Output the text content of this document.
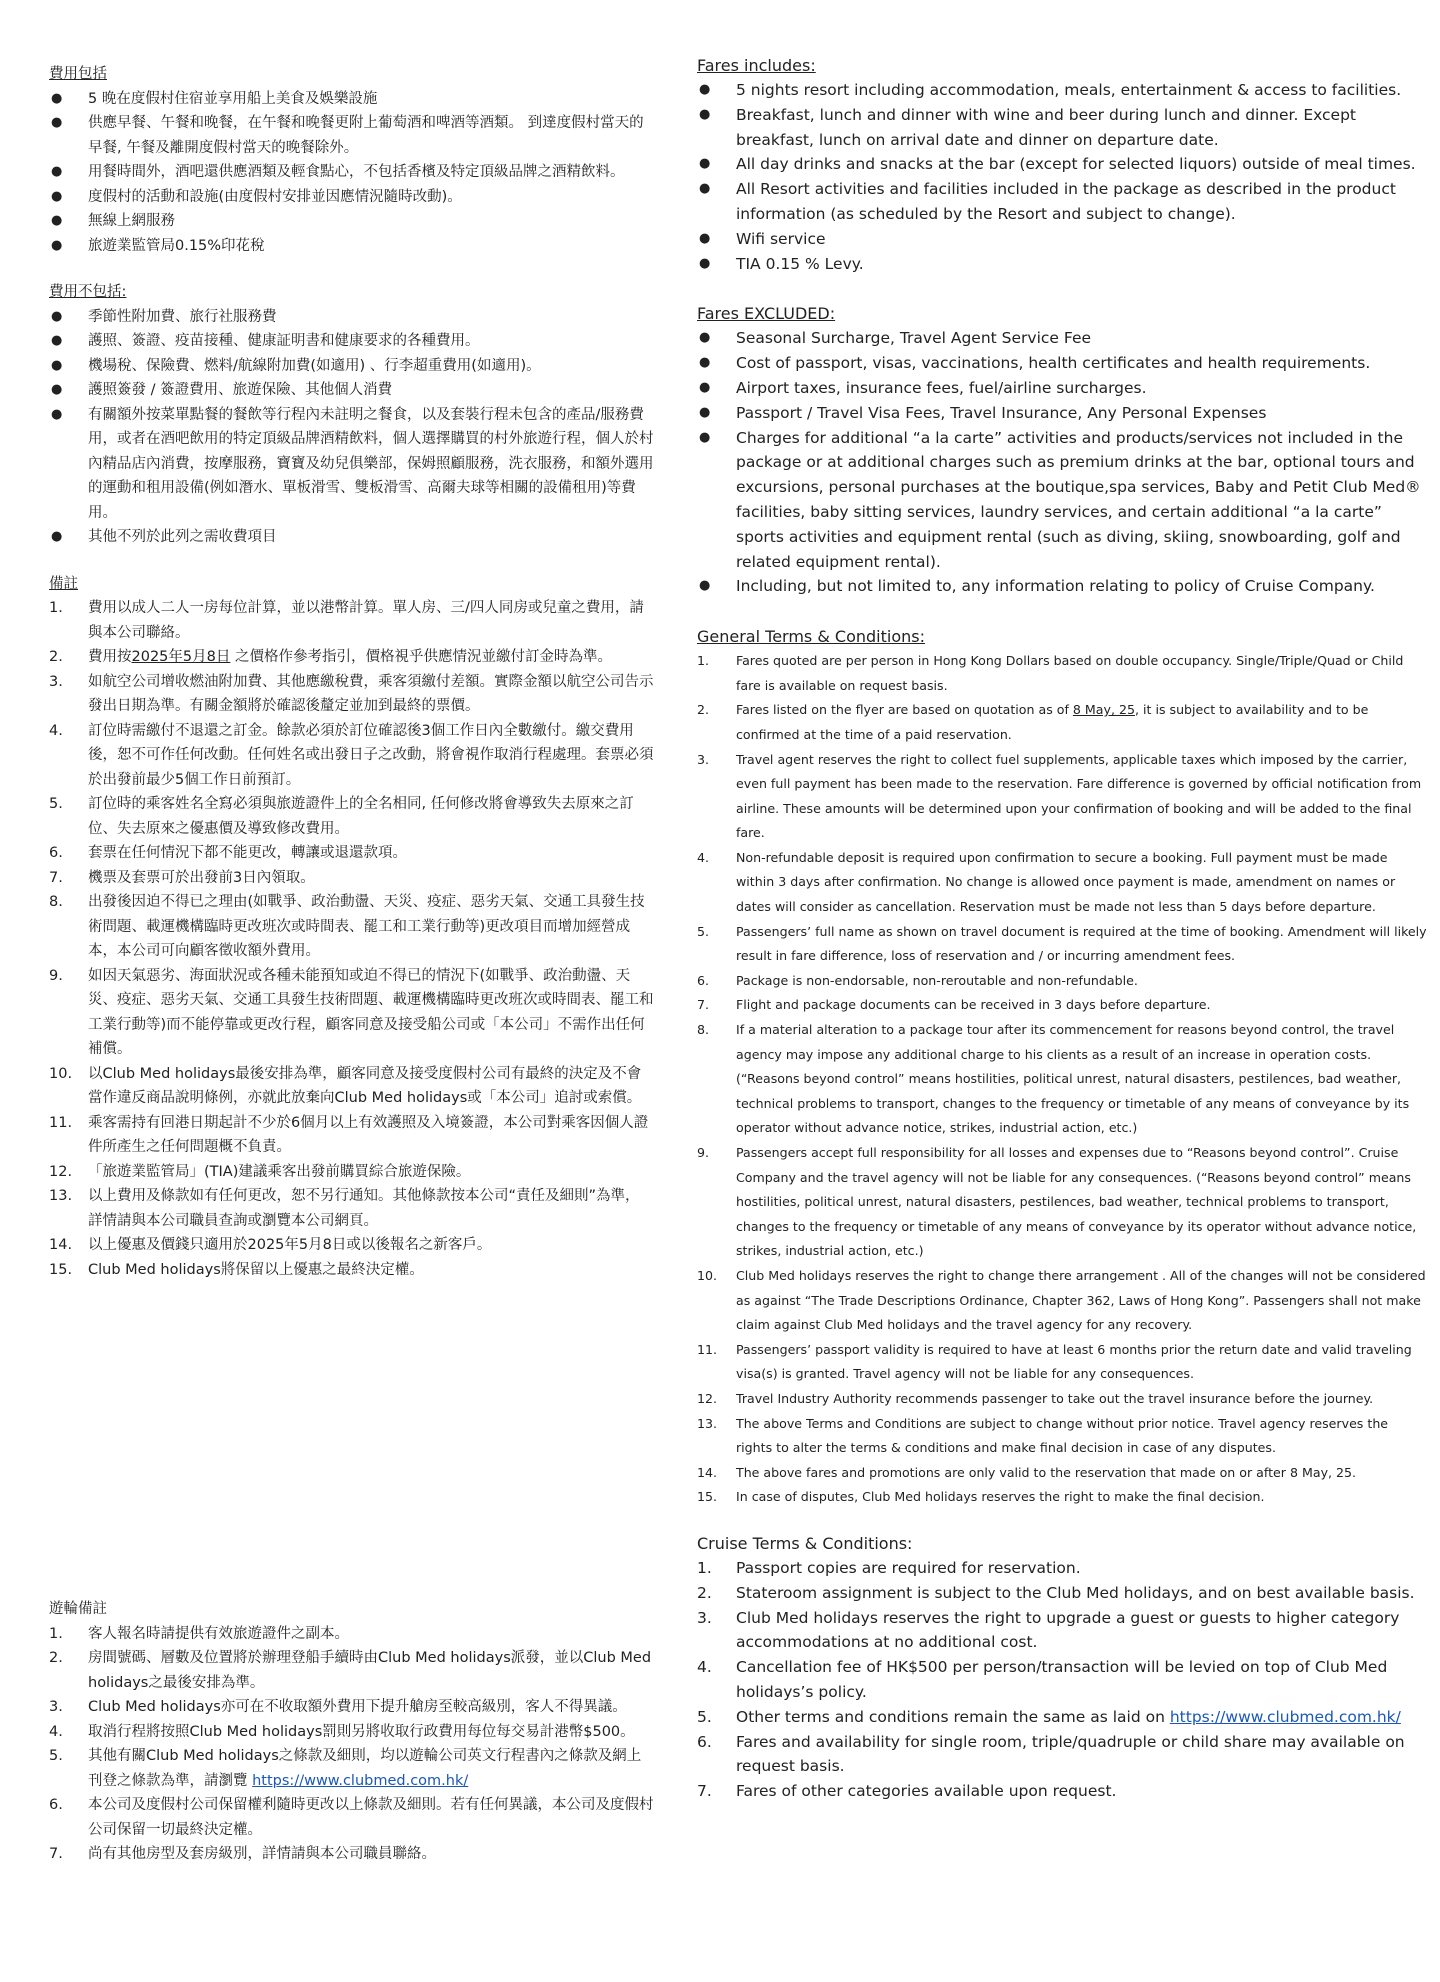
費用包括

● 5 晚在度假村住宿並享用船上美食及娛樂設施
● 供應早餐、午餐和晚餐，在午餐和晚餐更附上葡萄酒和啤酒等酒類。 到達度假村當天的早餐, 午餐及離開度假村當天的晚餐除外。
● 用餐時間外，酒吧還供應酒類及輕食點心，不包括香檳及特定頂級品牌之酒精飲料。
● 度假村的活動和設施(由度假村安排並因應情況隨時改動)。
● 無線上網服務
● 旅遊業監管局0.15%印花稅

費用不包括:

● 季節性附加費、旅行社服務費
● 護照、簽證、疫苗接種、健康証明書和健康要求的各種費用。
● 機場稅、保險費、燃料/航線附加費(如適用) 、行李超重費用(如適用)。
● 護照簽發 / 簽證費用、旅遊保險、其他個人消費
● 有關額外按菜單點餐的餐飲等行程內未註明之餐食，以及套裝行程未包含的產品/服務費用，或者在酒吧飲用的特定頂級品牌酒精飲料，個人選擇購買的村外旅遊行程，個人於村內精品店內消費，按摩服務，寶寶及幼兒俱樂部，保姆照顧服務，洗衣服務，和額外選用的運動和租用設備(例如潛水、單板滑雪、雙板滑雪、高爾夫球等相關的設備租用)等費用。
● 其他不列於此列之需收費項目

備註

1. 費用以成人二人一房每位計算，並以港幣計算。單人房、三/四人同房或兒童之費用，請與本公司聯絡。
2. 費用按2025年5月8日 之價格作參考指引，價格視乎供應情況並繳付訂金時為準。
3. 如航空公司增收燃油附加費、其他應繳稅費，乘客須繳付差額。實際金額以航空公司告示發出日期為準。有關金額將於確認後釐定並加到最終的票價。
4. 訂位時需繳付不退還之訂金。餘款必須於訂位確認後3個工作日內全數繳付。繳交費用後，恕不可作任何改動。任何姓名或出發日子之改動，將會視作取消行程處理。套票必須於出發前最少5個工作日前預訂。
5. 訂位時的乘客姓名全寫必須與旅遊證件上的全名相同, 任何修改將會導致失去原來之訂位、失去原來之優惠價及導致修改費用。
6. 套票在任何情況下都不能更改，轉讓或退還款項。
7. 機票及套票可於出發前3日內領取。
8. 出發後因迫不得已之理由(如戰爭、政治動盪、天災、疫症、惡劣天氣、交通工具發生技術問題、載運機構臨時更改班次或時間表、罷工和工業行動等)更改項目而增加經營成本，本公司可向顧客徵收額外費用。
9. 如因天氣惡劣、海面狀況或各種未能預知或迫不得已的情況下(如戰爭、政治動盪、天災、疫症、惡劣天氣、交通工具發生技術問題、載運機構臨時更改班次或時間表、罷工和工業行動等)而不能停靠或更改行程，顧客同意及接受船公司或「本公司」不需作出任何補償。
10. 以Club Med holidays最後安排為準，顧客同意及接受度假村公司有最終的決定及不會當作違反商品說明條例，亦就此放棄向Club Med holidays或「本公司」追討或索償。
11. 乘客需持有回港日期起計不少於6個月以上有效護照及入境簽證，本公司對乘客因個人證件所產生之任何問題概不負責。
12. 「旅遊業監管局」(TIA)建議乘客出發前購買綜合旅遊保險。
13. 以上費用及條款如有任何更改，恕不另行通知。其他條款按本公司“責任及細則”為準，詳情請與本公司職員查詢或瀏覽本公司網頁。
14. 以上優惠及價錢只適用於2025年5月8日或以後報名之新客戶。
15. Club Med holidays將保留以上優惠之最終決定權。

遊輪備註

1. 客人報名時請提供有效旅遊證件之副本。
2. 房間號碼、層數及位置將於辦理登船手續時由Club Med holidays派發，並以Club Med holidays之最後安排為準。
3. Club Med holidays亦可在不收取額外費用下提升艙房至較高級別，客人不得異議。
4. 取消行程將按照Club Med holidays罰則另將收取行政費用每位每交易計港幣$500。
5. 其他有關Club Med holidays之條款及細則，均以遊輪公司英文行程書內之條款及網上刊登之條款為準，請瀏覽 https://www.clubmed.com.hk/
6. 本公司及度假村公司保留權利隨時更改以上條款及細則。若有任何異議，本公司及度假村公司保留一切最終決定權。
7. 尚有其他房型及套房級別，詳情請與本公司職員聯絡。

Fares includes:

● 5 nights resort including accommodation, meals, entertainment & access to facilities.
● Breakfast, lunch and dinner with wine and beer during lunch and dinner. Except breakfast, lunch on arrival date and dinner on departure date.
● All day drinks and snacks at the bar (except for selected liquors) outside of meal times.
● All Resort activities and facilities included in the package as described in the product information (as scheduled by the Resort and subject to change).
● Wifi service
● TIA 0.15 % Levy.

Fares EXCLUDED:

● Seasonal Surcharge, Travel Agent Service Fee
● Cost of passport, visas, vaccinations, health certificates and health requirements.
● Airport taxes, insurance fees, fuel/airline surcharges.
● Passport / Travel Visa Fees, Travel Insurance, Any Personal Expenses
● Charges for additional “a la carte” activities and products/services not included in the package or at additional charges such as premium drinks at the bar, optional tours and excursions, personal purchases at the boutique,spa services, Baby and Petit Club Med® facilities, baby sitting services, laundry services, and certain additional “a la carte” sports activities and equipment rental (such as diving, skiing, snowboarding, golf and related equipment rental).
● Including, but not limited to, any information relating to policy of Cruise Company.

General Terms & Conditions:

1. Fares quoted are per person in Hong Kong Dollars based on double occupancy. Single/Triple/Quad or Child fare is available on request basis.
2. Fares listed on the flyer are based on quotation as of 8 May, 25, it is subject to availability and to be confirmed at the time of a paid reservation.
3. Travel agent reserves the right to collect fuel supplements, applicable taxes which imposed by the carrier, even full payment has been made to the reservation. Fare difference is governed by official notification from airline. These amounts will be determined upon your confirmation of booking and will be added to the final fare.
4. Non-refundable deposit is required upon confirmation to secure a booking. Full payment must be made within 3 days after confirmation. No change is allowed once payment is made, amendment on names or dates will consider as cancellation. Reservation must be made not less than 5 days before departure.
5. Passengers’ full name as shown on travel document is required at the time of booking. Amendment will likely result in fare difference, loss of reservation and / or incurring amendment fees.
6. Package is non-endorsable, non-reroutable and non-refundable.
7. Flight and package documents can be received in 3 days before departure.
8. If a material alteration to a package tour after its commencement for reasons beyond control, the travel agency may impose any additional charge to his clients as a result of an increase in operation costs. (“Reasons beyond control” means hostilities, political unrest, natural disasters, pestilences, bad weather, technical problems to transport, changes to the frequency or timetable of any means of conveyance by its operator without advance notice, strikes, industrial action, etc.)
9. Passengers accept full responsibility for all losses and expenses due to “Reasons beyond control”. Cruise Company and the travel agency will not be liable for any consequences. (“Reasons beyond control” means hostilities, political unrest, natural disasters, pestilences, bad weather, technical problems to transport, changes to the frequency or timetable of any means of conveyance by its operator without advance notice, strikes, industrial action, etc.)
10. Club Med holidays reserves the right to change there arrangement . All of the changes will not be considered as against “The Trade Descriptions Ordinance, Chapter 362, Laws of Hong Kong”. Passengers shall not make claim against Club Med holidays and the travel agency for any recovery.
11. Passengers’ passport validity is required to have at least 6 months prior the return date and valid traveling visa(s) is granted. Travel agency will not be liable for any consequences.
12. Travel Industry Authority recommends passenger to take out the travel insurance before the journey.
13. The above Terms and Conditions are subject to change without prior notice. Travel agency reserves the rights to alter the terms & conditions and make final decision in case of any disputes.
14. The above fares and promotions are only valid to the reservation that made on or after 8 May, 25.
15. In case of disputes, Club Med holidays reserves the right to make the final decision.

Cruise Terms & Conditions:

1. Passport copies are required for reservation.
2. Stateroom assignment is subject to the Club Med holidays, and on best available basis.
3. Club Med holidays reserves the right to upgrade a guest or guests to higher category accommodations at no additional cost.
4. Cancellation fee of HK$500 per person/transaction will be levied on top of Club Med holidays’s policy.
5. Other terms and conditions remain the same as laid on https://www.clubmed.com.hk/
6. Fares and availability for single room, triple/quadruple or child share may available on request basis.
7. Fares of other categories available upon request.
